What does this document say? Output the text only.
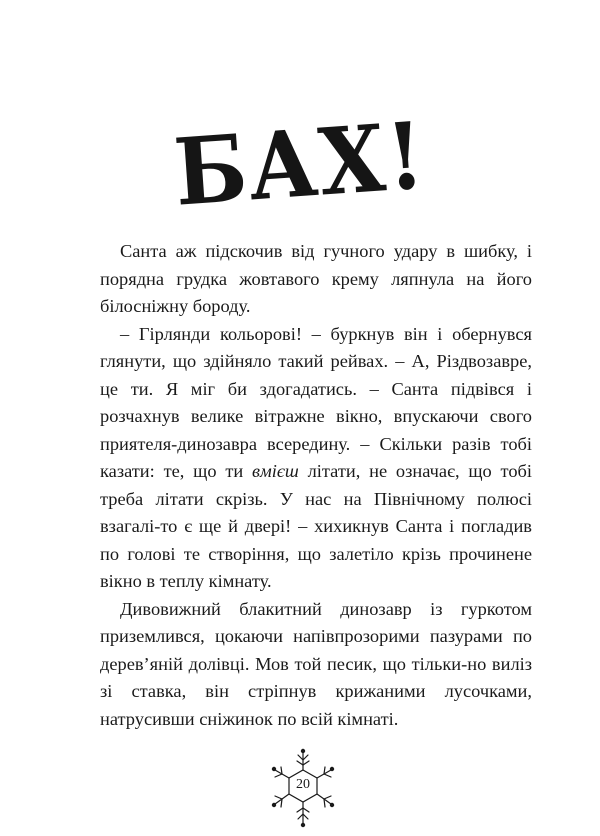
БАХ!

Санта аж підскочив від гучного удару в шибку, і порядна грудка жовтавого крему ляпнула на його білосніжну бороду.

– Гірлянди кольорові! – буркнув він і обернувся глянути, що здійняло такий рейвах. – А, Різдвозавре, це ти. Я міг би здогадатись. – Санта підвівся і розчахнув велике вітражне вікно, впускаючи свого приятеля-динозавра всередину. – Скільки разів тобі казати: те, що ти вмієш літати, не означає, що тобі треба літати скрізь. У нас на Північному полюсі взагалі-то є ще й двері! – хихикнув Санта і погладив по голові те створіння, що залетіло крізь прочинене вікно в теплу кімнату.

Дивовижний блакитний динозавр із гуркотом приземлився, цокаючи напівпрозорими пазурами по дерев’яній долівці. Мов той песик, що тільки-но виліз зі ставка, він стріпнув крижаними лусочками, натрусивши сніжинок по всій кімнаті.

20
